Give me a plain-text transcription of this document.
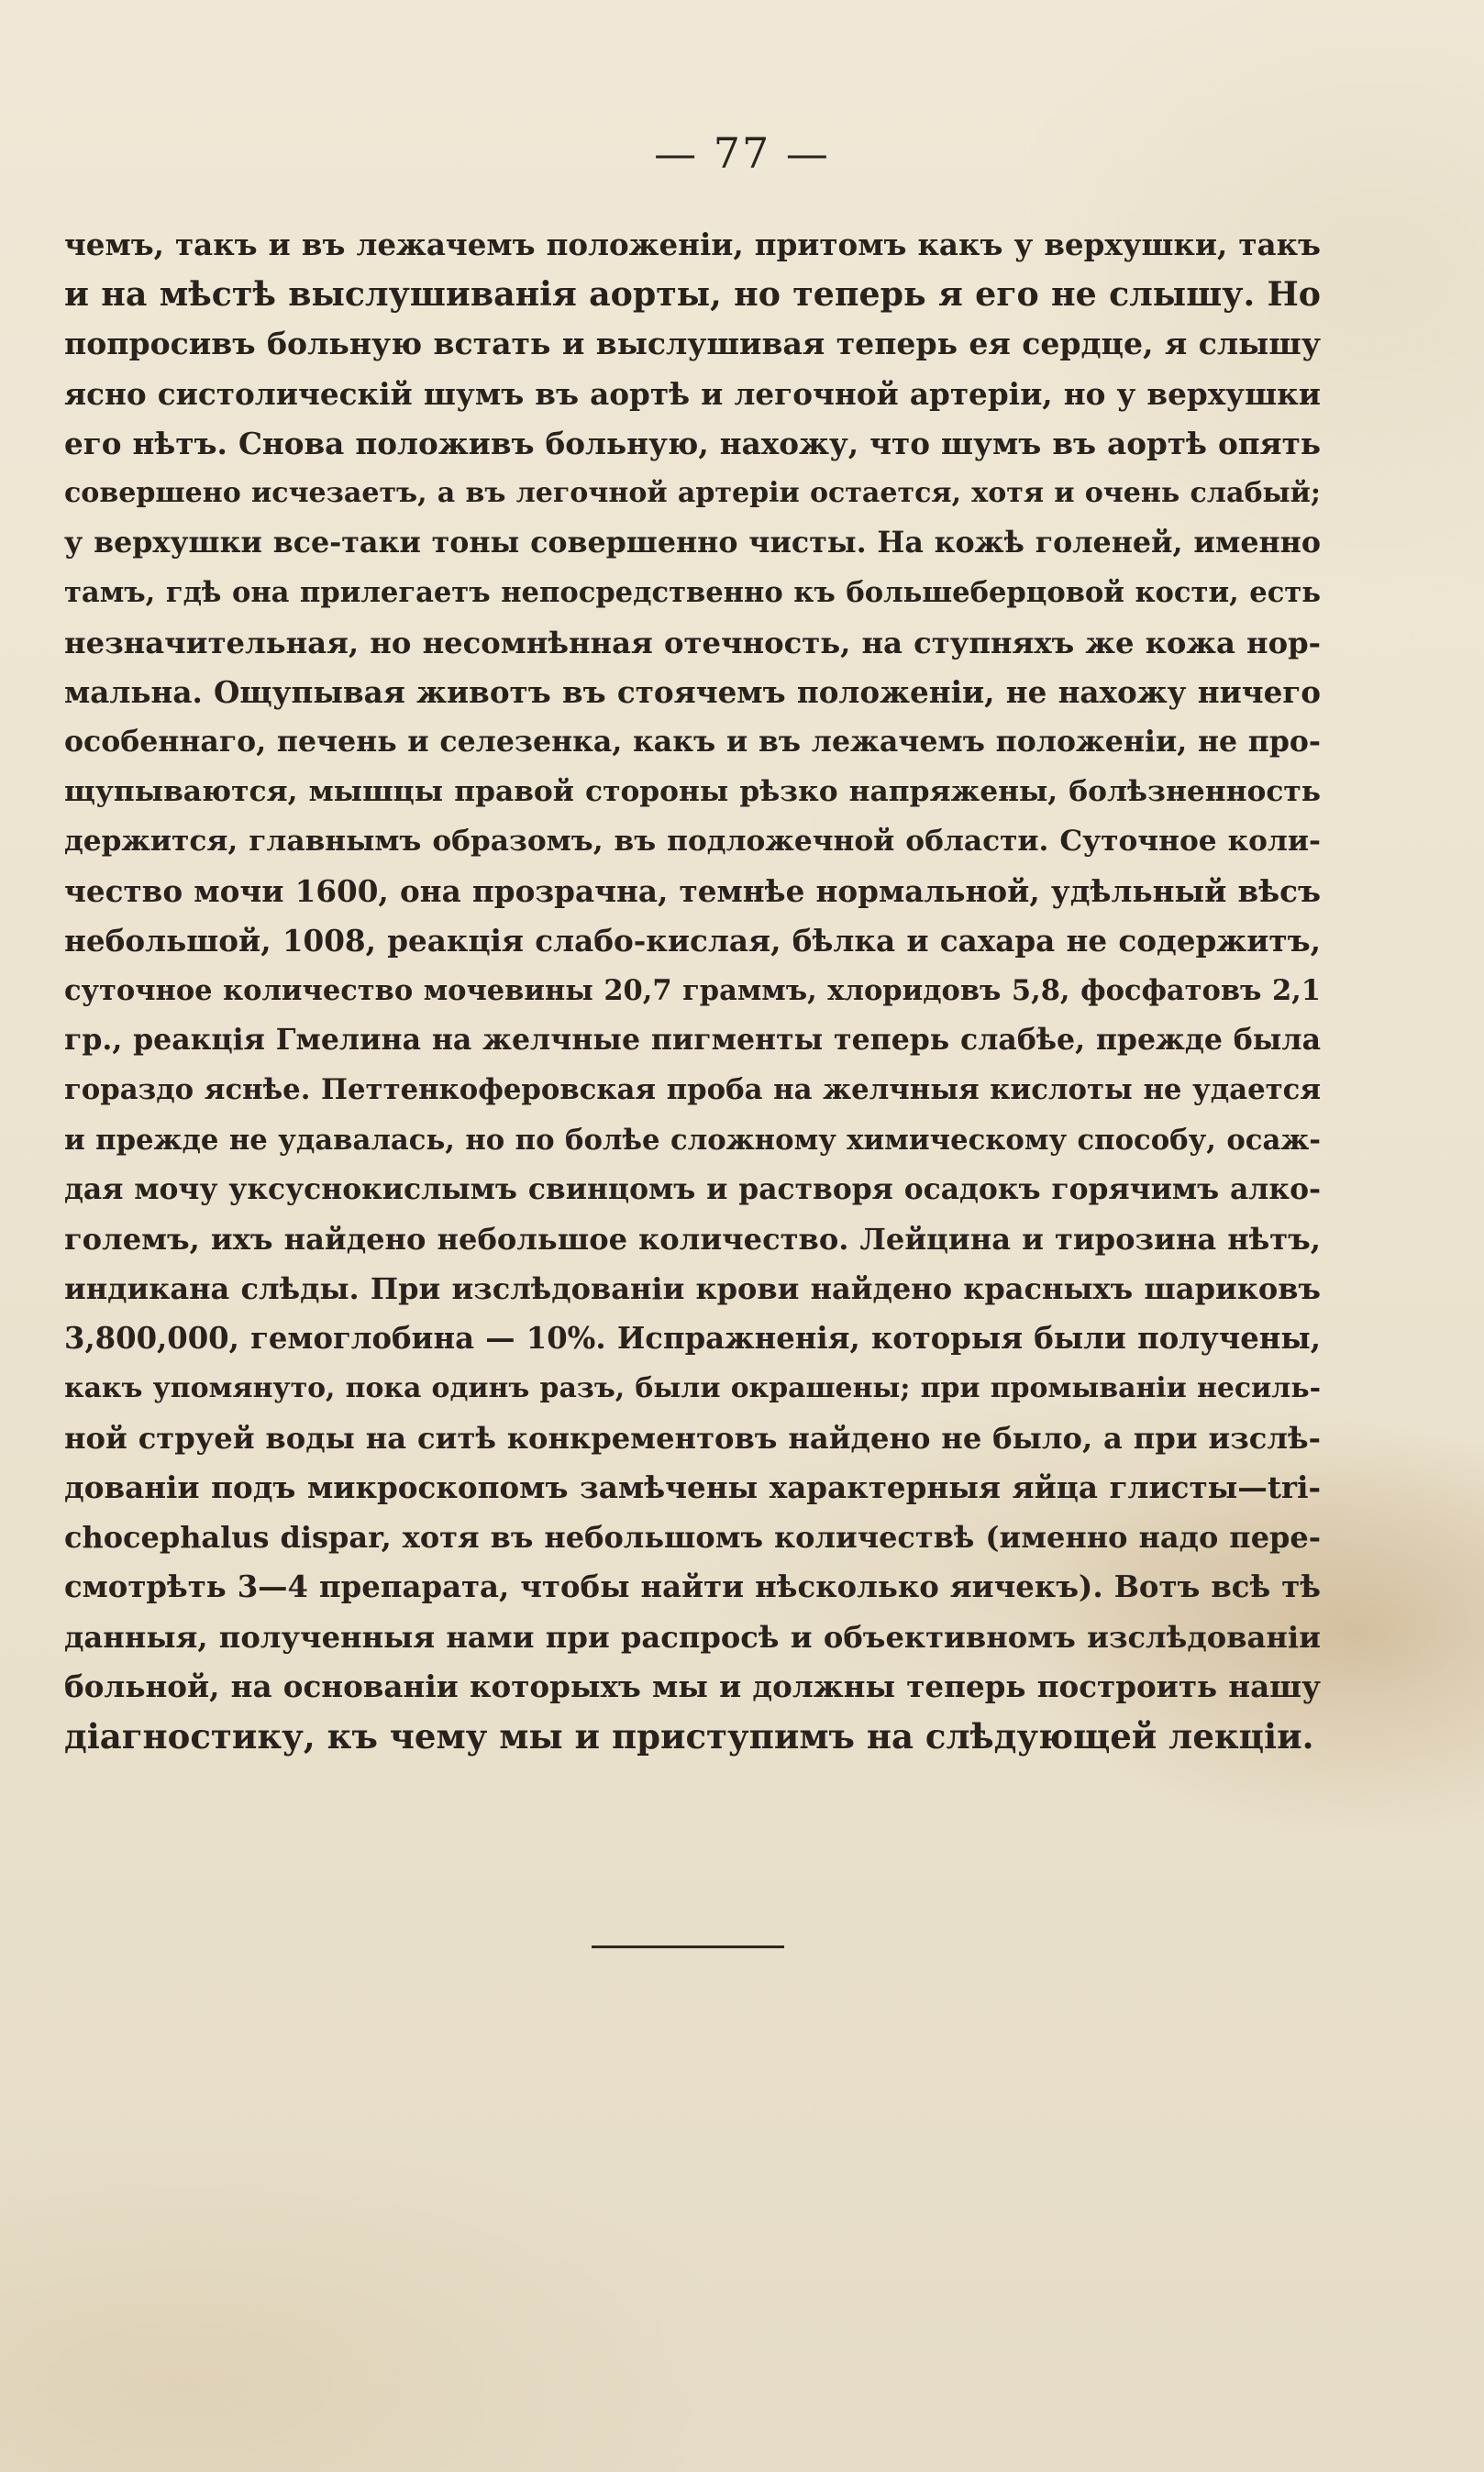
— 77 —
чемъ, такъ и въ лежачемъ положенiи, притомъ какъ у верхушки, такъ
и на мѣстѣ выслушиванiя аорты, но теперь я его не слышу. Но
попросивъ больную встать и выслушивая теперь ея сердце, я слышу
ясно систолическiй шумъ въ аортѣ и легочной артерiи, но у верхушки
его нѣтъ. Снова положивъ больную, нахожу, что шумъ въ аортѣ опять
совершено исчезаетъ, а въ легочной артерiи остается, хотя и очень слабый;
у верхушки все-таки тоны совершенно чисты. На кожѣ голеней, именно
тамъ, гдѣ она прилегаетъ непосредственно къ большеберцовой кости, есть
незначительная, но несомнѣнная отечность, на ступняхъ же кожа нор-
мальна. Ощупывая животъ въ стоячемъ положенiи, не нахожу ничего
особеннаго, печень и селезенка, какъ и въ лежачемъ положенiи, не про-
щупываются, мышцы правой стороны рѣзко напряжены, болѣзненность
держится, главнымъ образомъ, въ подложечной области. Суточное коли-
чество мочи 1600, она прозрачна, темнѣе нормальной, удѣльный вѣсъ
небольшой, 1008, реакцiя слабо-кислая, бѣлка и сахара не содержитъ,
суточное количество мочевины 20,7 граммъ, хлоридовъ 5,8, фосфатовъ 2,1
гр., реакцiя Гмелина на желчные пигменты теперь слабѣе, прежде была
гораздо яснѣе. Петтенкоферовская проба на желчныя кислоты не удается
и прежде не удавалась, но по болѣе сложному химическому способу, осаж-
дая мочу уксуснокислымъ свинцомъ и растворя осадокъ горячимъ алко-
големъ, ихъ найдено небольшое количество. Лейцина и тирозина нѣтъ,
индикана слѣды. При изслѣдованiи крови найдено красныхъ шариковъ
3,800,000, гемоглобина — 10%. Испражненiя, которыя были получены,
какъ упомянуто, пока одинъ разъ, были окрашены; при промыванiи несиль-
ной струей воды на ситѣ конкрементовъ найдено не было, а при изслѣ-
дованiи подъ микроскопомъ замѣчены характерныя яйца глисты—tri-
chocephalus dispar, хотя въ небольшомъ количествѣ (именно надо пере-
смотрѣть 3—4 препарата, чтобы найти нѣсколько яичекъ). Вотъ всѣ тѣ
данныя, полученныя нами при распросѣ и объективномъ изслѣдованiи
больной, на основанiи которыхъ мы и должны теперь построить нашу
дiагностику, къ чему мы и приступимъ на слѣдующей лекцiи.
